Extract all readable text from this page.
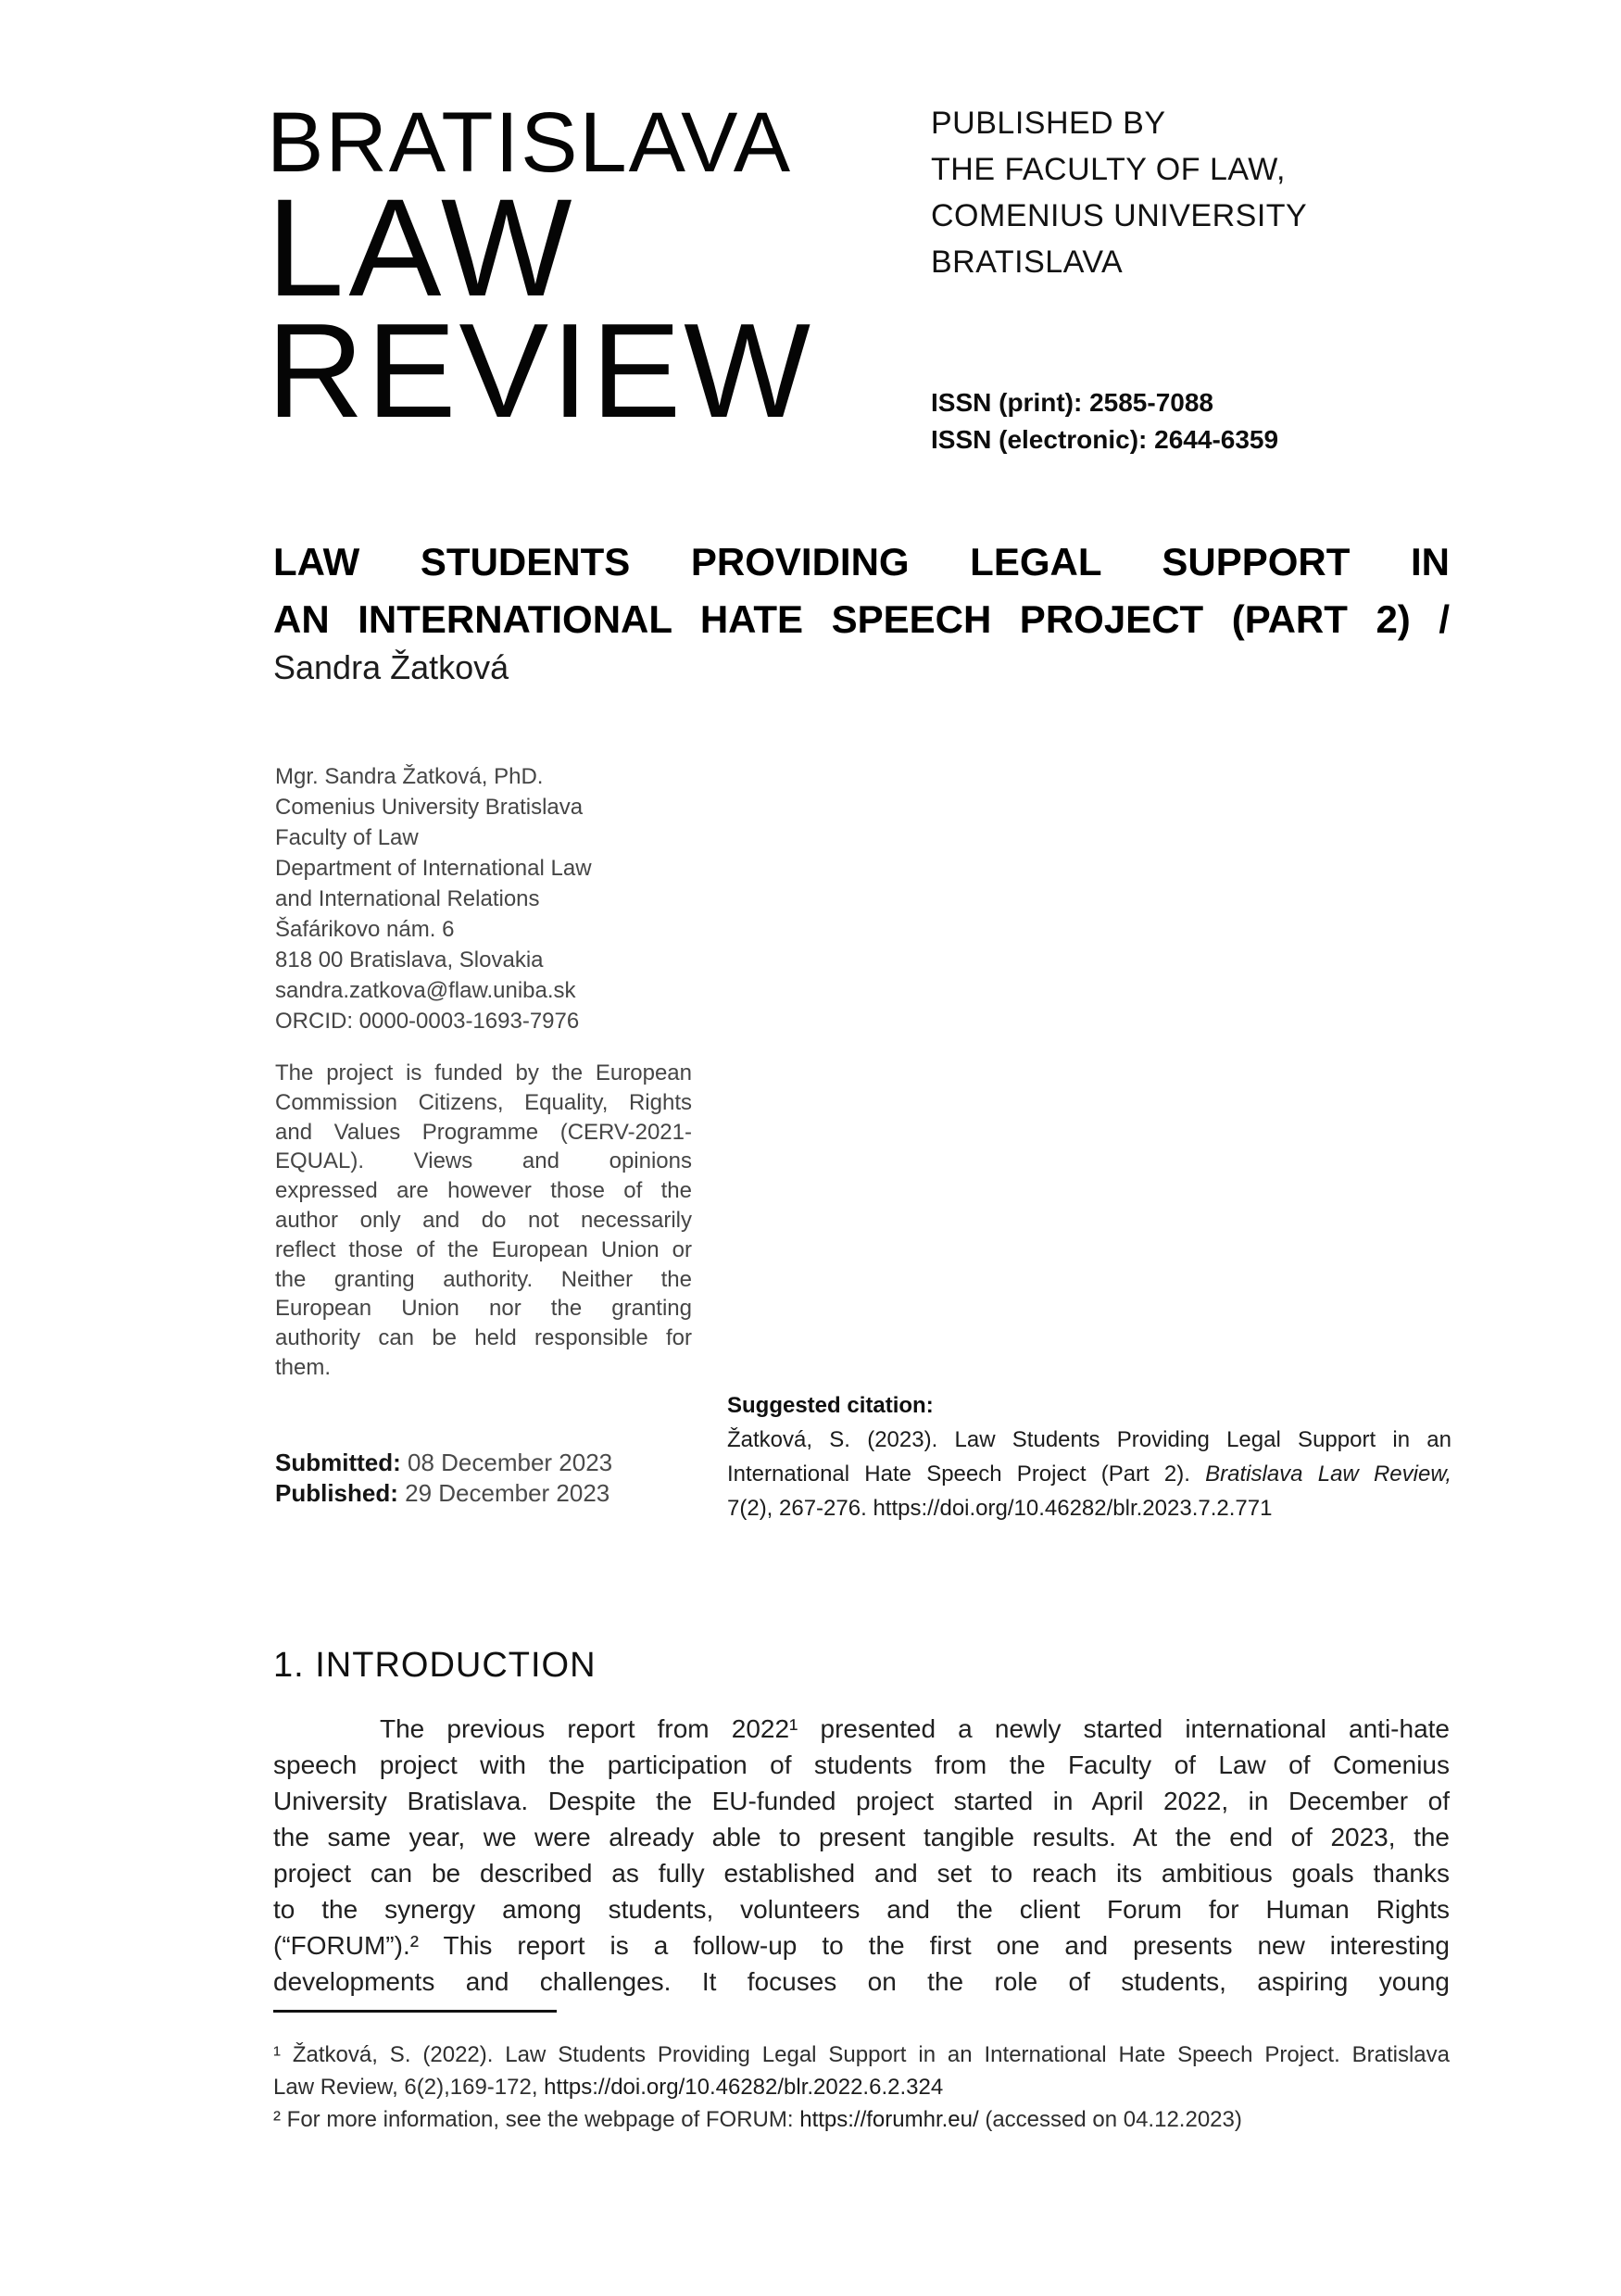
BRATISLAVA
LAW
REVIEW
PUBLISHED BY
THE FACULTY OF LAW,
COMENIUS UNIVERSITY
BRATISLAVA
ISSN (print): 2585-7088
ISSN (electronic): 2644-6359
LAW STUDENTS PROVIDING LEGAL SUPPORT IN
AN INTERNATIONAL HATE SPEECH PROJECT (PART 2) /
Sandra Žatková
Mgr. Sandra Žatková, PhD.
Comenius University Bratislava
Faculty of Law
Department of International Law
and International Relations
Šafárikovo nám. 6
818 00 Bratislava, Slovakia
sandra.zatkova@flaw.uniba.sk
ORCID: 0000-0003-1693-7976
The project is funded by the European
Commission Citizens, Equality, Rights
and Values Programme (CERV-2021-
EQUAL). Views and opinions
expressed are however those of the
author only and do not necessarily
reflect those of the European Union or
the granting authority. Neither the
European Union nor the granting
authority can be held responsible for
them.
Submitted: 08 December 2023
Published: 29 December 2023
Suggested citation:
Žatková, S. (2023). Law Students Providing Legal Support in an
International Hate Speech Project (Part 2). Bratislava Law Review,
7(2), 267-276. https://doi.org/10.46282/blr.2023.7.2.771
1. INTRODUCTION
The previous report from 2022¹ presented a newly started international anti-hate
speech project with the participation of students from the Faculty of Law of Comenius
University Bratislava. Despite the EU-funded project started in April 2022, in December of
the same year, we were already able to present tangible results. At the end of 2023, the
project can be described as fully established and set to reach its ambitious goals thanks
to the synergy among students, volunteers and the client Forum for Human Rights
(“FORUM”).² This report is a follow-up to the first one and presents new interesting
developments and challenges. It focuses on the role of students, aspiring young
¹ Žatková, S. (2022). Law Students Providing Legal Support in an International Hate Speech Project. Bratislava
Law Review, 6(2),169-172, https://doi.org/10.46282/blr.2022.6.2.324
² For more information, see the webpage of FORUM: https://forumhr.eu/ (accessed on 04.12.2023)
